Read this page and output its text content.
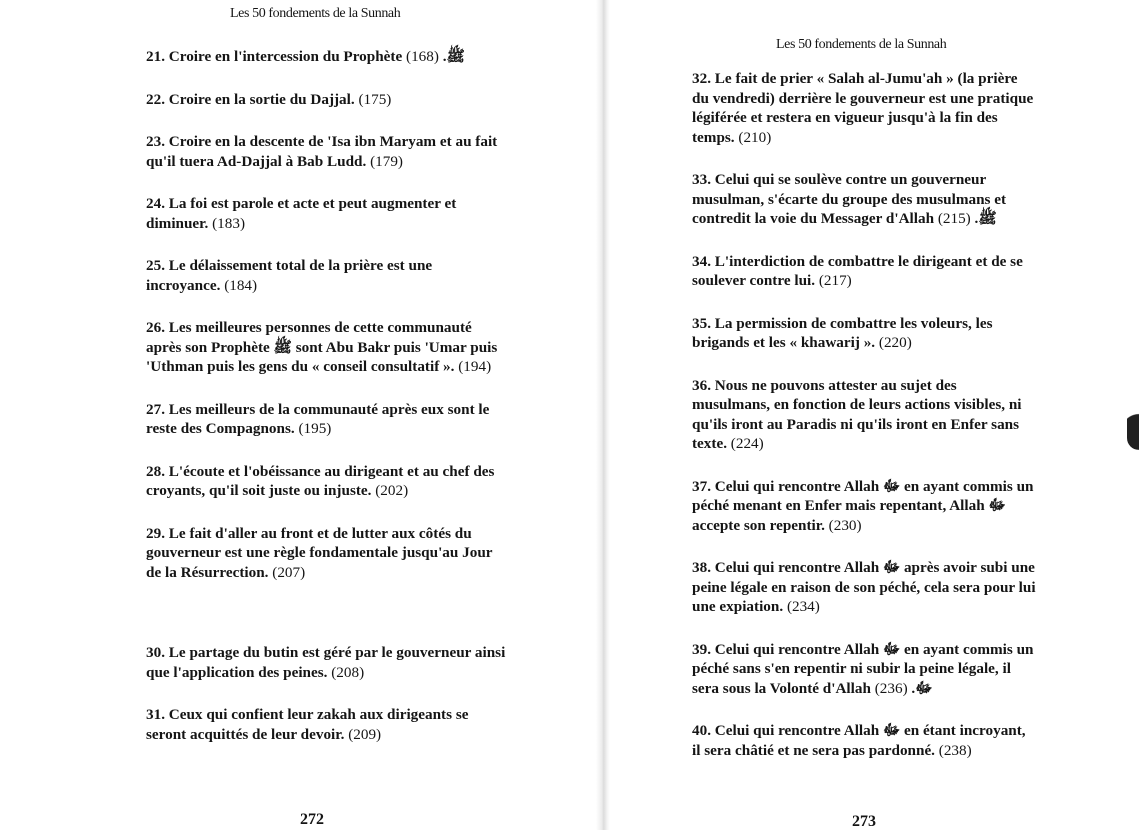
Les 50 fondements de la Sunnah

21. Croire en l'intercession du Prophète ﷺ. (168)

22. Croire en la sortie du Dajjal. (175)

23. Croire en la descente de 'Isa ibn Maryam et au fait qu'il tuera Ad-Dajjal à Bab Ludd. (179)

24. La foi est parole et acte et peut augmenter et diminuer. (183)

25. Le délaissement total de la prière est une incroyance. (184)

26. Les meilleures personnes de cette communauté après son Prophète ﷺ sont Abu Bakr puis 'Umar puis 'Uthman puis les gens du « conseil consultatif ». (194)

27. Les meilleurs de la communauté après eux sont le reste des Compagnons. (195)

28. L'écoute et l'obéissance au dirigeant et au chef des croyants, qu'il soit juste ou injuste. (202)

29. Le fait d'aller au front et de lutter aux côtés du gouverneur est une règle fondamentale jusqu'au Jour de la Résurrection. (207)

30. Le partage du butin est géré par le gouverneur ainsi que l'application des peines. (208)

31. Ceux qui confient leur zakah aux dirigeants se seront acquittés de leur devoir. (209)

272
Les 50 fondements de la Sunnah

32. Le fait de prier « Salah al-Jumu'ah » (la prière du vendredi) derrière le gouverneur est une pratique légiférée et restera en vigueur jusqu'à la fin des temps. (210)

33. Celui qui se soulève contre un gouverneur musulman, s'écarte du groupe des musulmans et contredit la voie du Messager d'Allah ﷺ. (215)

34. L'interdiction de combattre le dirigeant et de se soulever contre lui. (217)

35. La permission de combattre les voleurs, les brigands et les « khawarij ». (220)

36. Nous ne pouvons attester au sujet des musulmans, en fonction de leurs actions visibles, ni qu'ils iront au Paradis ni qu'ils iront en Enfer sans texte. (224)

37. Celui qui rencontre Allah ﷻ en ayant commis un péché menant en Enfer mais repentant, Allah ﷻ accepte son repentir. (230)

38. Celui qui rencontre Allah ﷻ après avoir subi une peine légale en raison de son péché, cela sera pour lui une expiation. (234)

39. Celui qui rencontre Allah ﷻ en ayant commis un péché sans s'en repentir ni subir la peine légale, il sera sous la Volonté d'Allah ﷻ. (236)

40. Celui qui rencontre Allah ﷻ en étant incroyant, il sera châtié et ne sera pas pardonné. (238)

273
